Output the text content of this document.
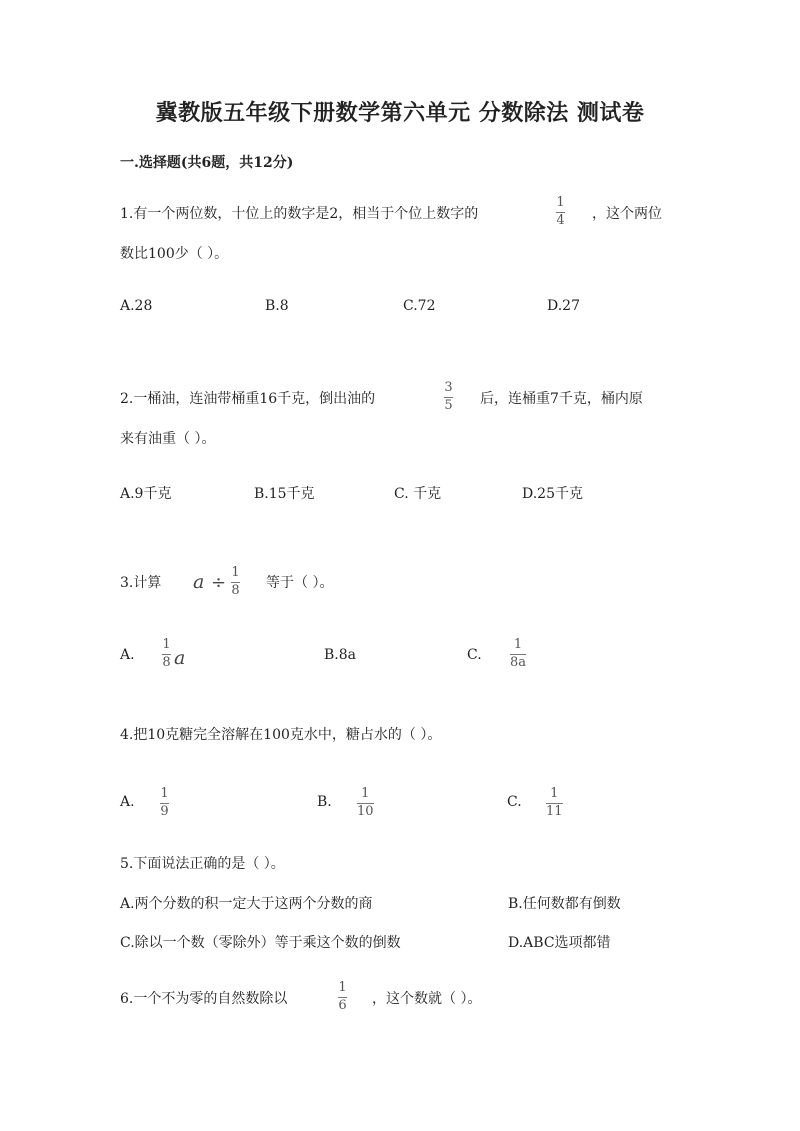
冀教版五年级下册数学第六单元 分数除法 测试卷
一.选择题(共6题，共12分)
1.有一个两位数，十位上的数字是2，相当于个位上数字的
1
4 ，这个两位
数比100少（ ）。
A.28	B.8	C.72	D.27
2.一桶油，连油带桶重16千克，倒出油的
3
5 后，连桶重7千克，桶内原
来有油重（ ）。
A.9千克	B.15千克	C. 千克	D.25千克
3.计算 a ÷ 1
8 等于（ ）。
A.
1
8 a	B.8a	C.
1
8a
4.把10克糖完全溶解在100克水中，糖占水的（ ）。
A.
1
9
B.
1
10
C.
1
11
5.下面说法正确的是（ ）。
A.两个分数的积一定大于这两个分数的商	B.任何数都有倒数
C.除以一个数（零除外）等于乘这个数的倒数	D.ABC选项都错
6.一个不为零的自然数除以
1
6 ，这个数就（ ）。
